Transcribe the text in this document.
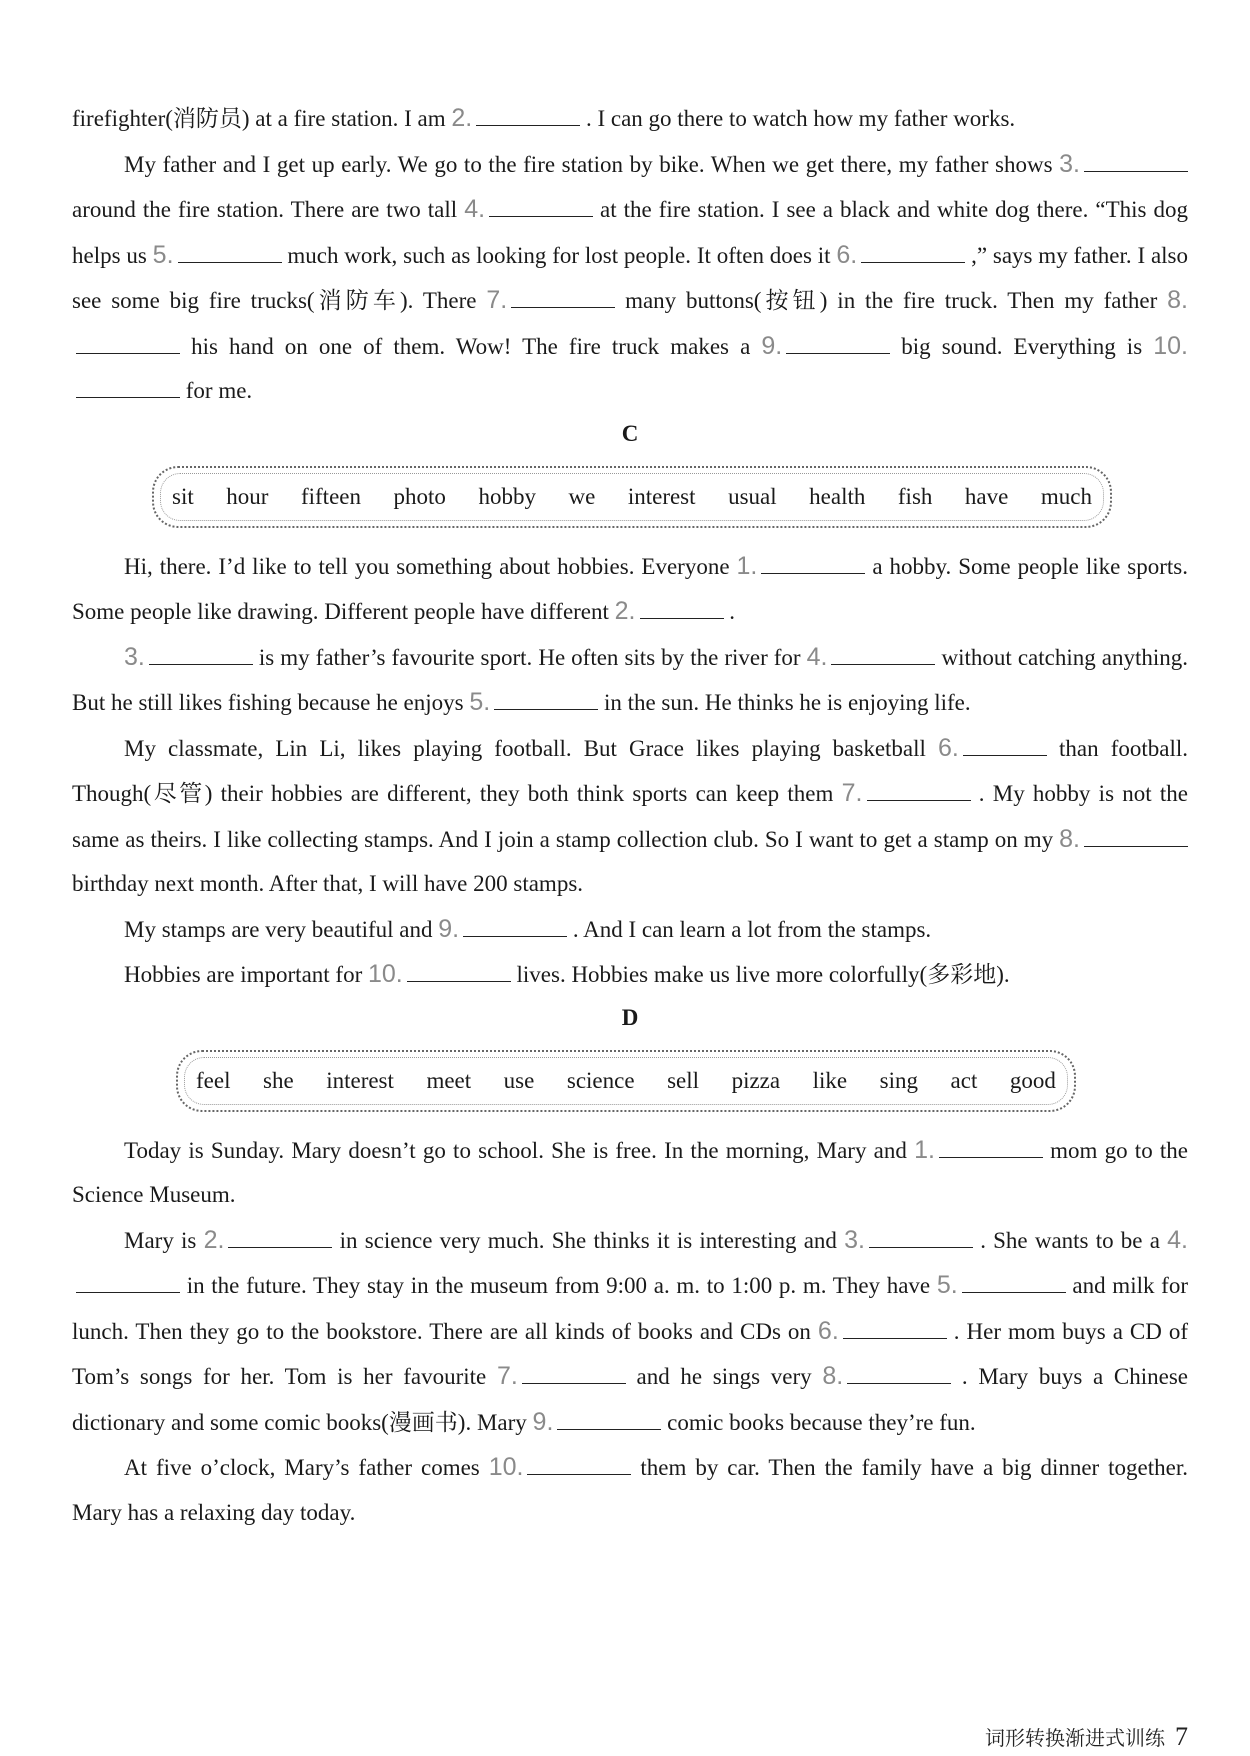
firefighter(消防员) at a fire station. I am 2.	. I can go there to watch how my father works.

My father and I get up early. We go to the fire station by bike. When we get there, my father shows 3. around the fire station. There are two tall 4.	at the fire station. I see a black and white dog there. “This dog helps us 5.	much work, such as looking for lost people. It often does it 6.	,” says my father. I also see some big fire trucks(消防车). There 7.	many buttons(按钮) in the fire truck. Then my father 8. his hand on one of them. Wow! The fire truck makes a 9.	big sound. Everything is 10. for me.

C

sit hour fifteen photo hobby we interest usual health fish have much

Hi, there. I’d like to tell you something about hobbies. Everyone 1.	a hobby. Some people like sports. Some people like drawing. Different people have different 2.	.

3.	is my father’s favourite sport. He often sits by the river for 4.	without catching anything. But he still likes fishing because he enjoys 5.	in the sun. He thinks he is enjoying life.

My classmate, Lin Li, likes playing football. But Grace likes playing basketball 6.	than football. Though(尽管) their hobbies are different, they both think sports can keep them 7.	. My hobby is not the same as theirs. I like collecting stamps. And I join a stamp collection club. So I want to get a stamp on my 8. birthday next month. After that, I will have 200 stamps.

My stamps are very beautiful and 9.	. And I can learn a lot from the stamps.

Hobbies are important for 10.	lives. Hobbies make us live more colorfully(多彩地).

D

feel she interest meet use science sell pizza like sing act good

Today is Sunday. Mary doesn’t go to school. She is free. In the morning, Mary and 1.	mom go to the Science Museum.

Mary is 2.	in science very much. She thinks it is interesting and 3.	. She wants to be a 4. in the future. They stay in the museum from 9:00 a. m. to 1:00 p. m. They have 5.	and milk for lunch. Then they go to the bookstore. There are all kinds of books and CDs on 6.	. Her mom buys a CD of Tom’s songs for her. Tom is her favourite 7.	and he sings very 8.	. Mary buys a Chinese dictionary and some comic books(漫画书). Mary 9.	comic books because they’re fun.

At five o’clock, Mary’s father comes 10.	them by car. Then the family have a big dinner together. Mary has a relaxing day today.

词形转换渐进式训练 7
